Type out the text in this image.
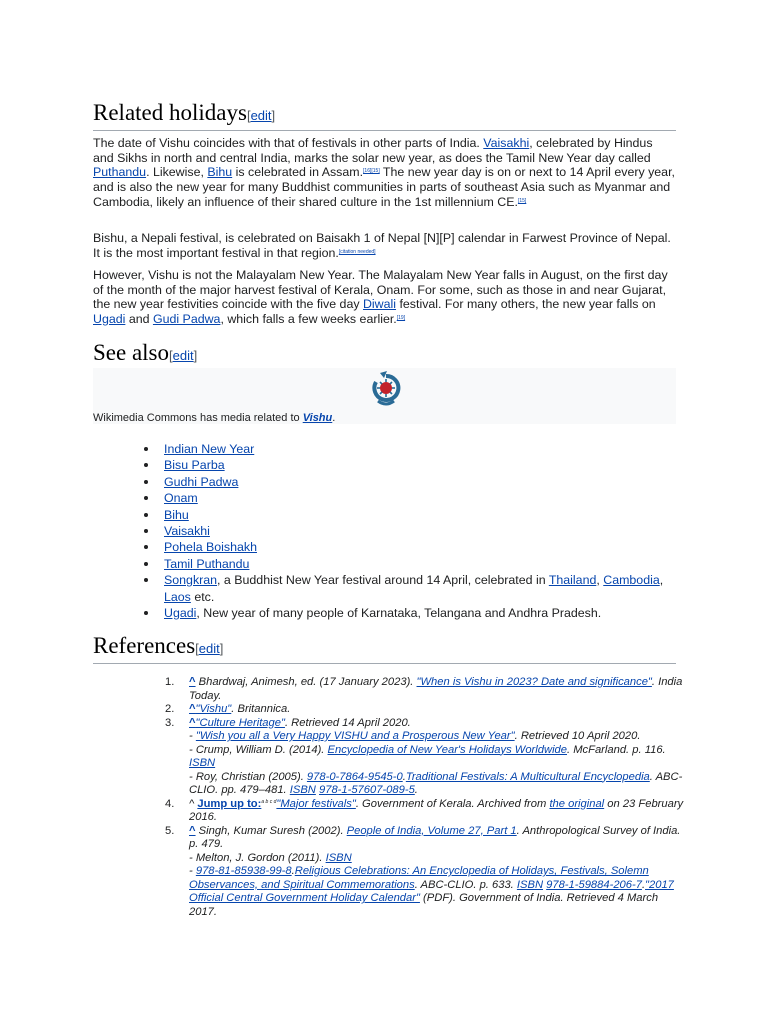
Related holidays[edit]

The date of Vishu coincides with that of festivals in other parts of India. Vaisakhi, celebrated by Hindus and Sikhs in north and central India, marks the solar new year, as does the Tamil New Year day called Puthandu. Likewise, Bihu is celebrated in Assam.[16][15] The new year day is on or next to 14 April every year, and is also the new year for many Buddhist communities in parts of southeast Asia such as Myanmar and Cambodia, likely an influence of their shared culture in the 1st millennium CE.[15]

Bishu, a Nepali festival, is celebrated on Baisakh 1 of Nepal [N][P] calendar in Farwest Province of Nepal. It is the most important festival in that region.[citation needed]

However, Vishu is not the Malayalam New Year. The Malayalam New Year falls in August, on the first day of the month of the major harvest festival of Kerala, Onam. For some, such as those in and near Gujarat, the new year festivities coincide with the five day Diwali festival. For many others, the new year falls on Ugadi and Gudi Padwa, which falls a few weeks earlier.[19]

See also[edit]
Wikimedia Commons has media related to Vishu.
Indian New Year
Bisu Parba
Gudhi Padwa
Onam
Bihu
Vaisakhi
Pohela Boishakh
Tamil Puthandu
Songkran, a Buddhist New Year festival around 14 April, celebrated in Thailand, Cambodia, Laos etc.
Ugadi, New year of many people of Karnataka, Telangana and Andhra Pradesh.
References[edit]
1. ^ Bhardwaj, Animesh, ed. (17 January 2023). "When is Vishu in 2023? Date and significance". India Today.
2. ^"Vishu". Britannica.
3. ^"Culture Heritage". Retrieved 14 April 2020.
- "Wish you all a Very Happy VISHU and a Prosperous New Year". Retrieved 10 April 2020.
- Crump, William D. (2014). Encyclopedia of New Year's Holidays Worldwide. McFarland. p. 116. ISBN
- Roy, Christian (2005). 978-0-7864-9545-0.Traditional Festivals: A Multicultural Encyclopedia. ABC-CLIO. pp. 479–481. ISBN 978-1-57607-089-5.
4. ^ Jump up to:$^{a b c d}$"Major festivals". Government of Kerala. Archived from the original on 23 February 2016.
5. ^ Singh, Kumar Suresh (2002). People of India, Volume 27, Part 1. Anthropological Survey of India. p. 479.
- Melton, J. Gordon (2011). ISBN
- 978-81-85938-99-8.Religious Celebrations: An Encyclopedia of Holidays, Festivals, Solemn Observances, and Spiritual Commemorations. ABC-CLIO. p. 633. ISBN 978-1-59884-206-7."2017 Official Central Government Holiday Calendar" (PDF). Government of India. Retrieved 4 March 2017.
